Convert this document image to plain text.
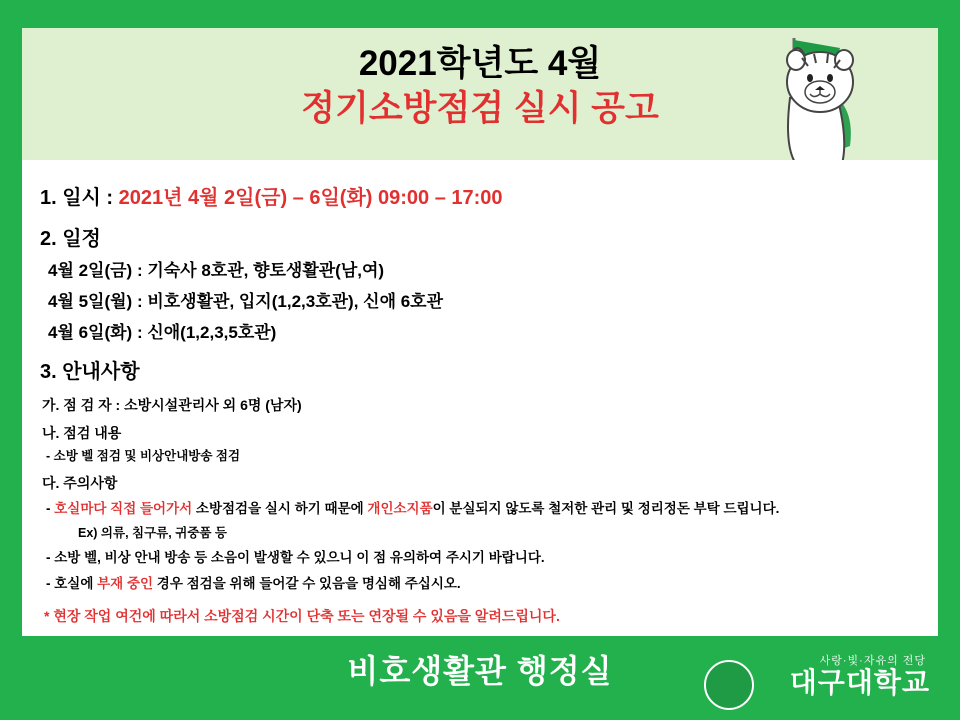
2021학년도 4월
정기소방점검 실시 공고
1. 일시 : 2021년 4월 2일(금) – 6일(화) 09:00 – 17:00
2. 일정
4월 2일(금) : 기숙사 8호관, 향토생활관(남,여)
4월 5일(월) : 비호생활관, 입지(1,2,3호관), 신애 6호관
4월 6일(화) : 신애(1,2,3,5호관)
3. 안내사항
가. 점 검 자 : 소방시설관리사 외 6명 (남자)
나. 점검 내용
- 소방 벨 점검 및 비상안내방송 점검
다. 주의사항
- 호실마다 직접 들어가서 소방점검을 실시 하기 때문에 개인소지품이 분실되지 않도록 철저한 관리 및 정리정돈 부탁 드립니다.
Ex) 의류, 침구류, 귀중품 등
- 소방 벨, 비상 안내 방송 등 소음이 발생할 수 있으니 이 점 유의하여 주시기 바랍니다.
- 호실에 부재 중인 경우 점검을 위해 들어갈 수 있음을 명심해 주십시오.
* 현장 작업 여건에 따라서 소방점검 시간이 단축 또는 연장될 수 있음을 알려드립니다.
비호생활관 행정실	사랑·빛·자유의 전당
대구대학교
